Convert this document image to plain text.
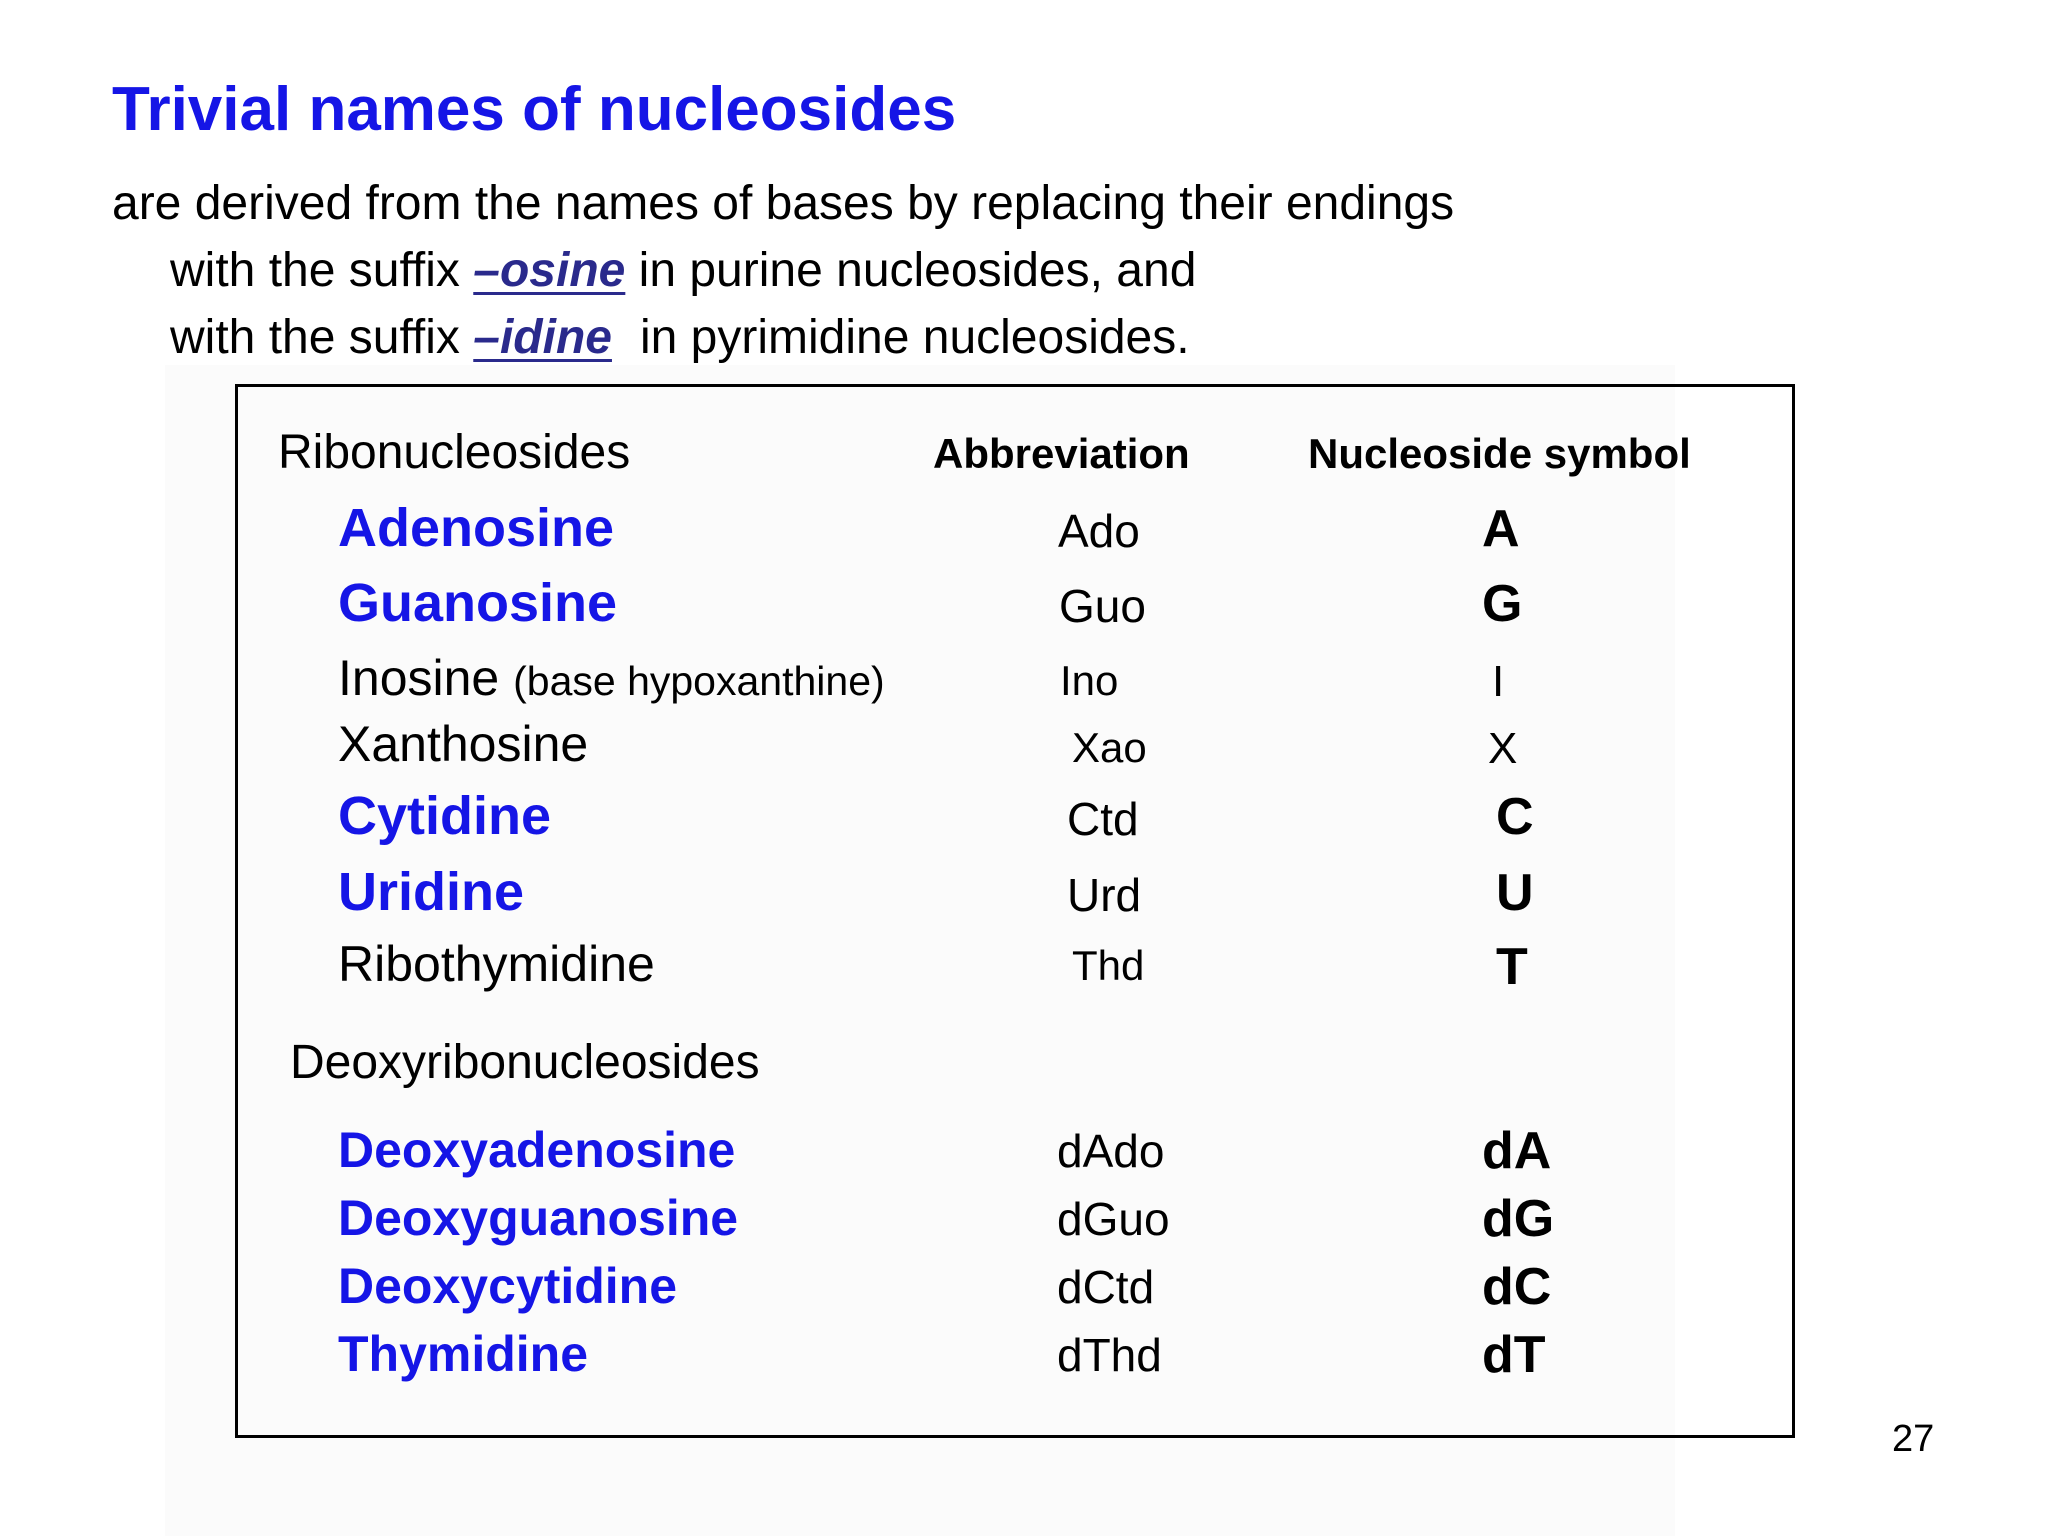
Trivial names of nucleosides
are derived from the names of bases by replacing their endings
with the suffix –osine in purine nucleosides, and
with the suffix –idine in pyrimidine nucleosides.
Ribonucleosides	Abbreviation	Nucleoside symbol
Adenosine	Ado	A
Guanosine	Guo	G
Inosine (base hypoxanthine)	Ino	I
Xanthosine	Xao	X
Cytidine	Ctd	C
Uridine	Urd	U
Ribothymidine	Thd	T
Deoxyribonucleosides
Deoxyadenosine	dAdo	dA
Deoxyguanosine	dGuo	dG
Deoxycytidine	dCtd	dC
Thymidine	dThd	dT
27
